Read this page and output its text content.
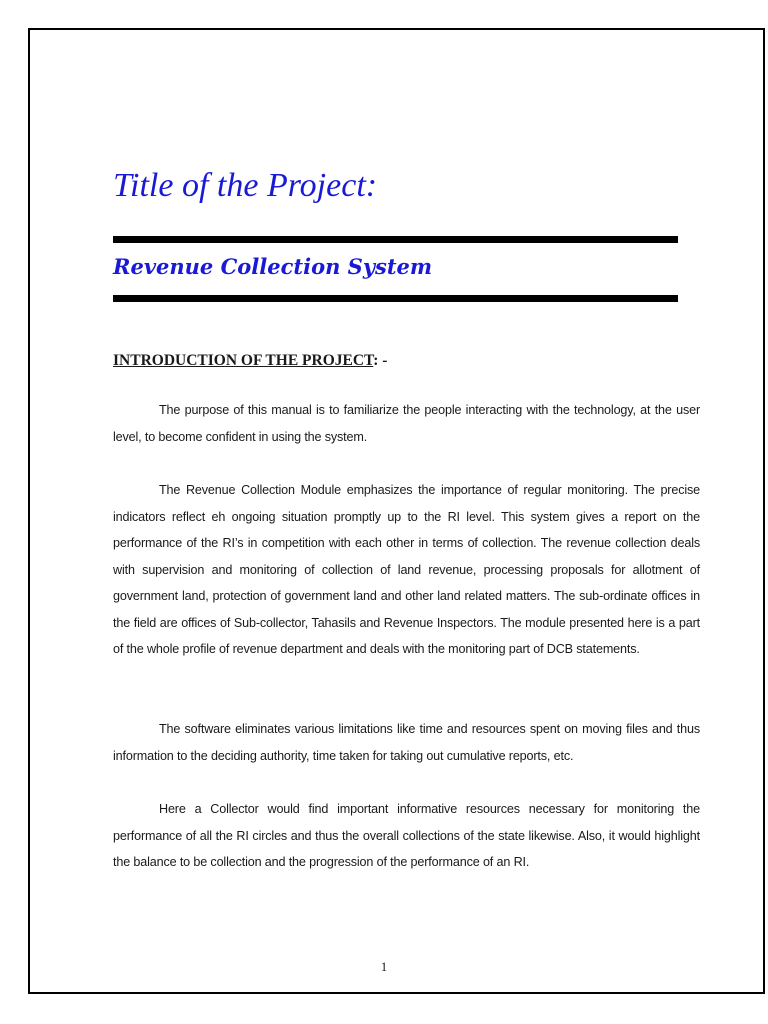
Title of the Project:
Revenue Collection System

INTRODUCTION OF THE PROJECT: -

The purpose of this manual is to familiarize the people interacting with the technology, at the user level, to become confident in using the system.

The Revenue Collection Module emphasizes the importance of regular monitoring. The precise indicators reflect eh ongoing situation promptly up to the RI level. This system gives a report on the performance of the RI’s in competition with each other in terms of collection. The revenue collection deals with supervision and monitoring of collection of land revenue, processing proposals for allotment of government land, protection of government land and other land related matters. The sub-ordinate offices in the field are offices of Sub-collector, Tahasils and Revenue Inspectors. The module presented here is a part of the whole profile of revenue department and deals with the monitoring part of DCB statements.

The software eliminates various limitations like time and resources spent on moving files and thus information to the deciding authority, time taken for taking out cumulative reports, etc.

Here a Collector would find important informative resources necessary for monitoring the performance of all the RI circles and thus the overall collections of the state likewise. Also, it would highlight the balance to be collection and the progression of the performance of an RI.

1
